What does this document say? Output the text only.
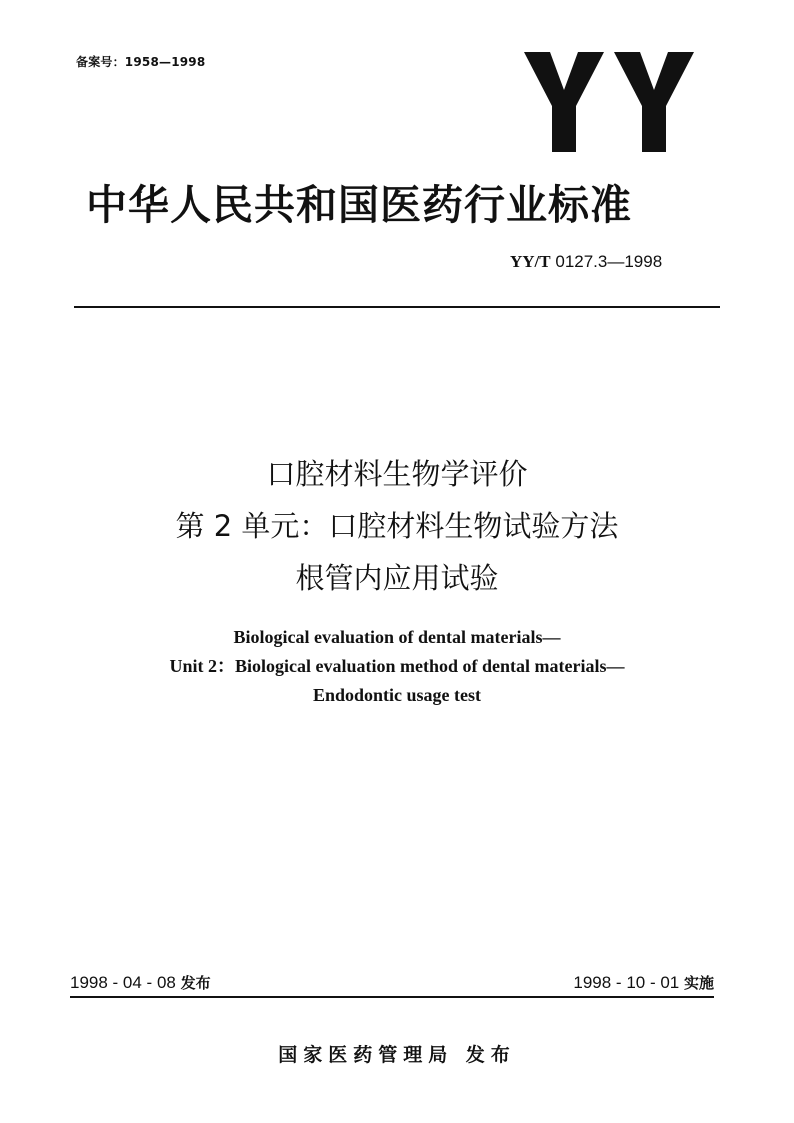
备案号：1958—1998
中华人民共和国医药行业标准
YY/T 0127.3—1998
口腔材料生物学评价
第 2 单元：口腔材料生物试验方法
根管内应用试验
Biological evaluation of dental materials—
Unit 2：Biological evaluation method of dental materials—
Endodontic usage test
1998 - 04 - 08 发布	1998 - 10 - 01 实施
国家医药管理局 发布
